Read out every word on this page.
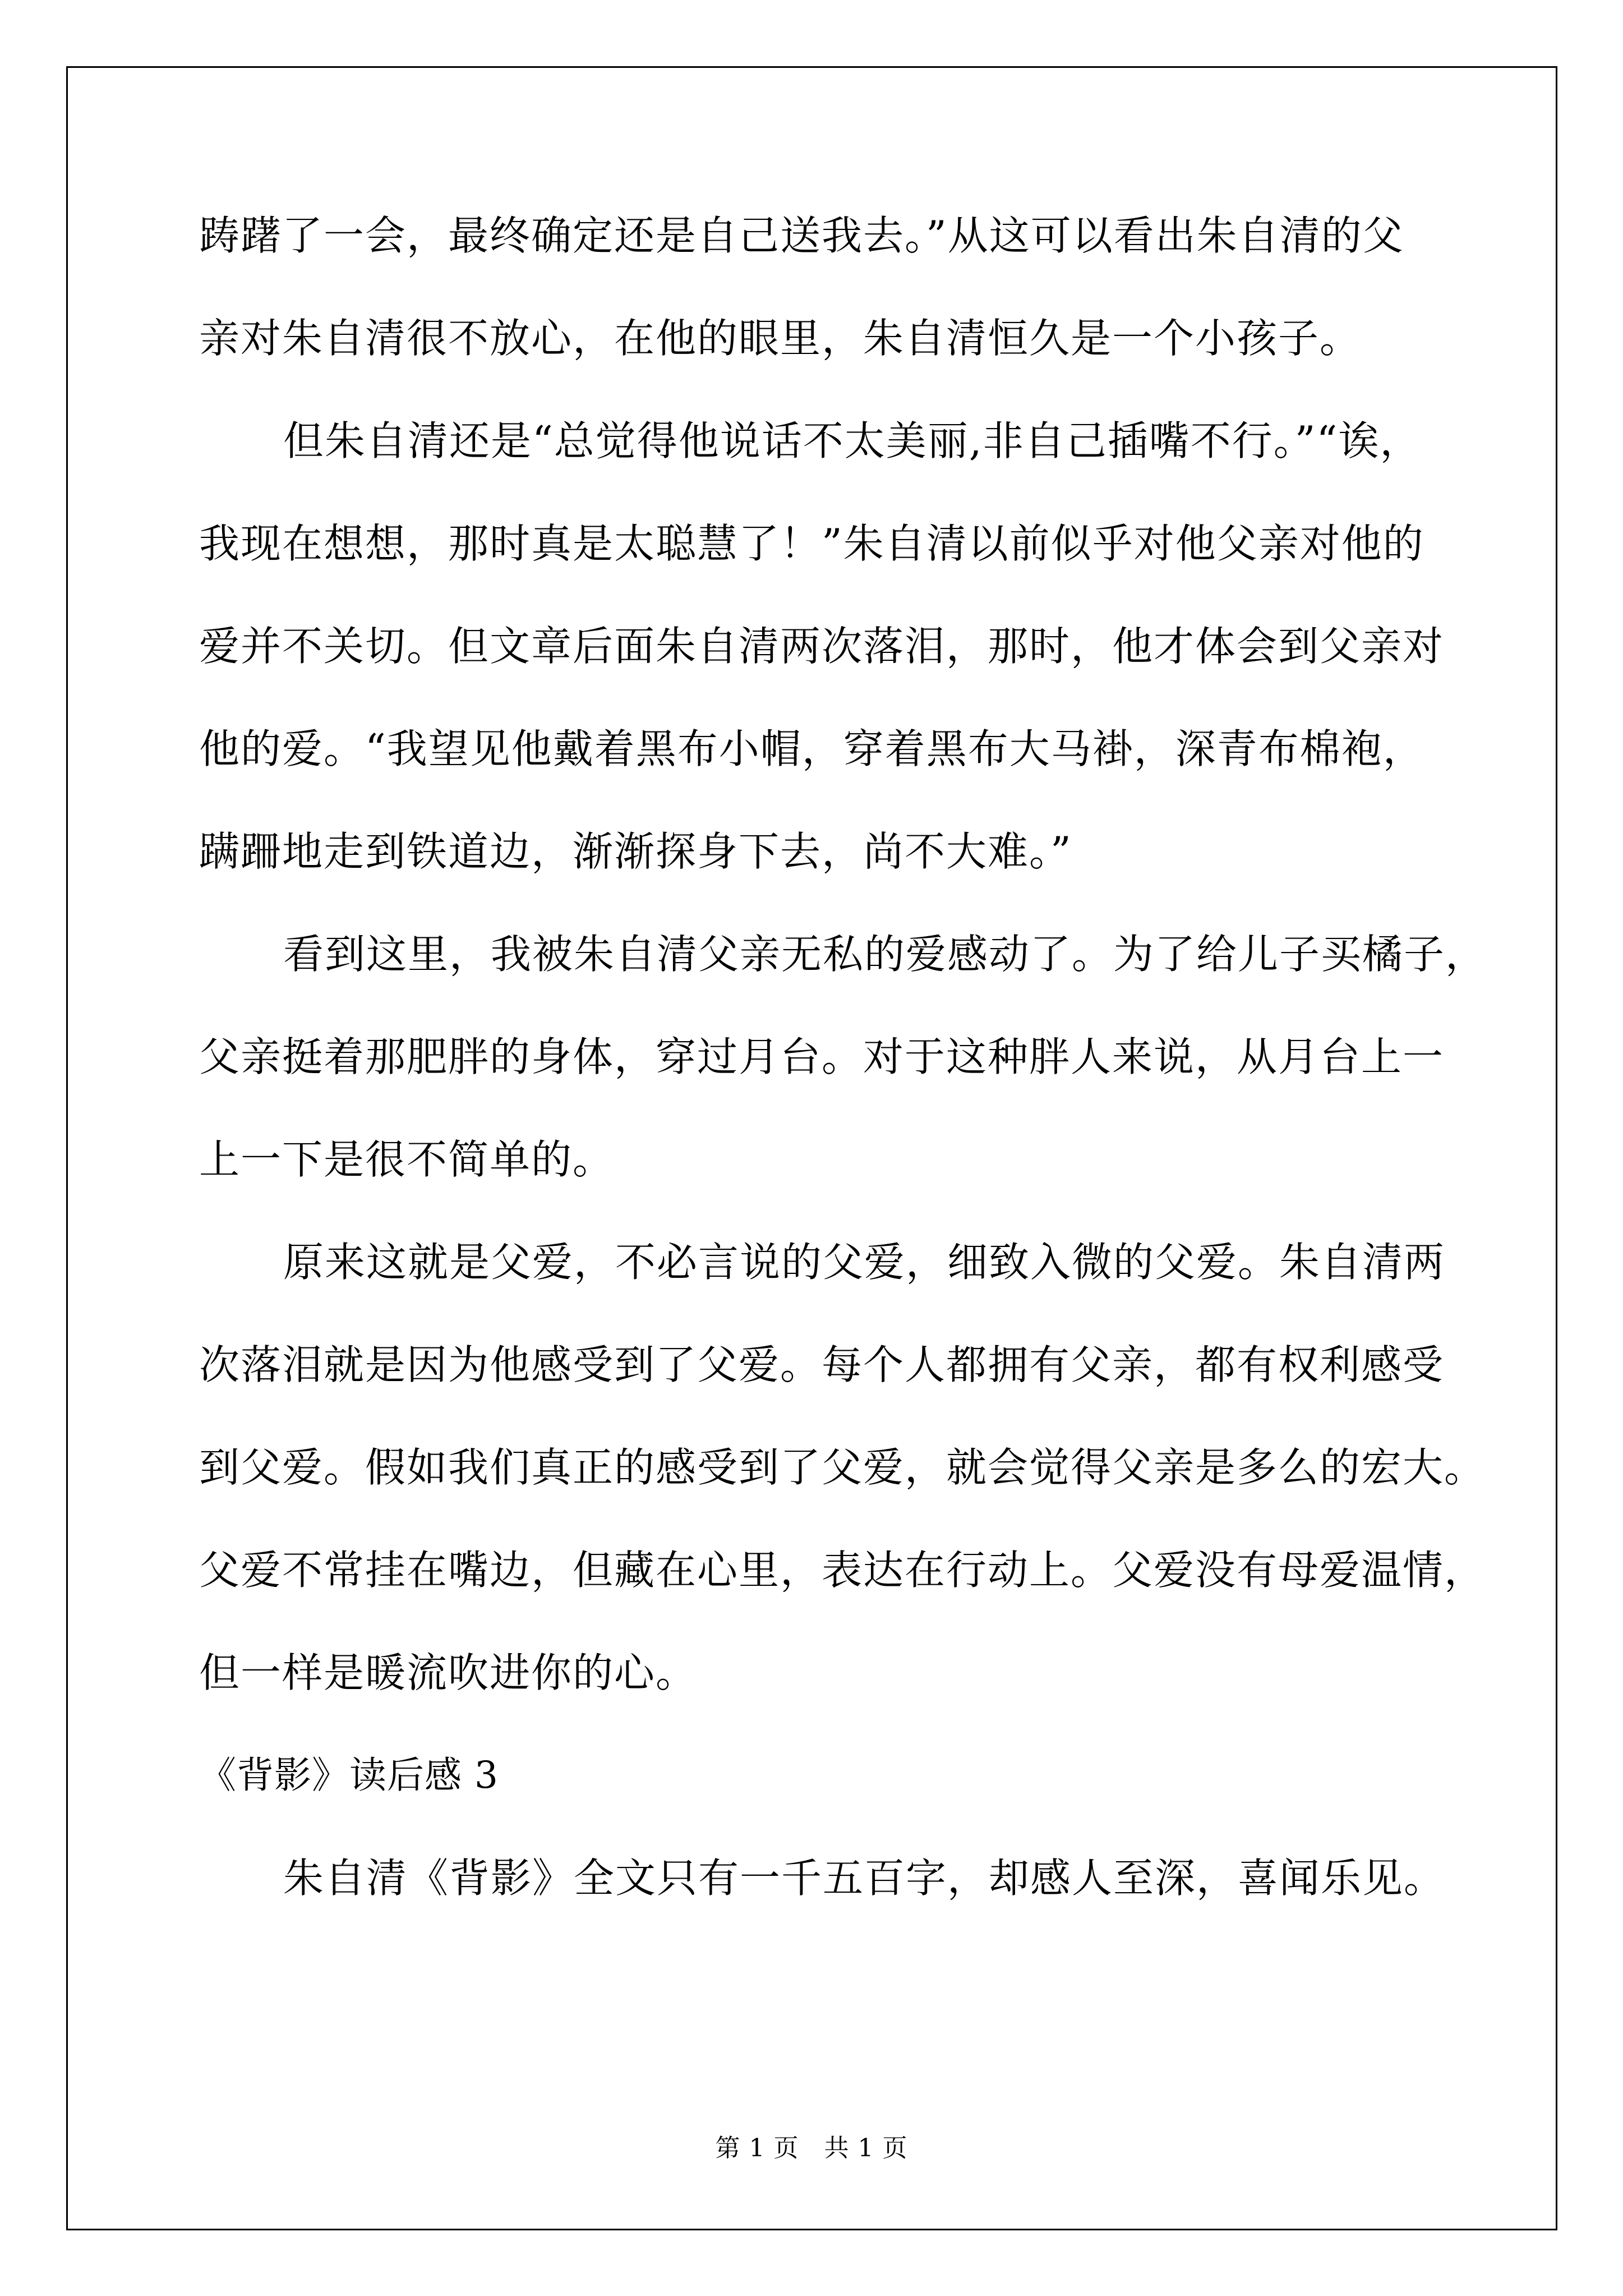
踌躇了一会，最终确定还是自己送我去。”从这可以看出朱自清的父
亲对朱自清很不放心，在他的眼里，朱自清恒久是一个小孩子。
但朱自清还是“总觉得他说话不太美丽,非自己插嘴不行。”“诶，
我现在想想，那时真是太聪慧了！”朱自清以前似乎对他父亲对他的
爱并不关切。但文章后面朱自清两次落泪，那时，他才体会到父亲对
他的爱。“我望见他戴着黑布小帽，穿着黑布大马褂，深青布棉袍，
蹒跚地走到铁道边，渐渐探身下去，尚不大难。”
看到这里，我被朱自清父亲无私的爱感动了。为了给儿子买橘子，
父亲挺着那肥胖的身体，穿过月台。对于这种胖人来说，从月台上一
上一下是很不简单的。
原来这就是父爱，不必言说的父爱，细致入微的父爱。朱自清两
次落泪就是因为他感受到了父爱。每个人都拥有父亲，都有权利感受
到父爱。假如我们真正的感受到了父爱，就会觉得父亲是多么的宏大。
父爱不常挂在嘴边，但藏在心里，表达在行动上。父爱没有母爱温情，
但一样是暖流吹进你的心。
《背影》读后感 3
朱自清《背影》全文只有一千五百字，却感人至深，喜闻乐见。
第 1 页　共 1 页
